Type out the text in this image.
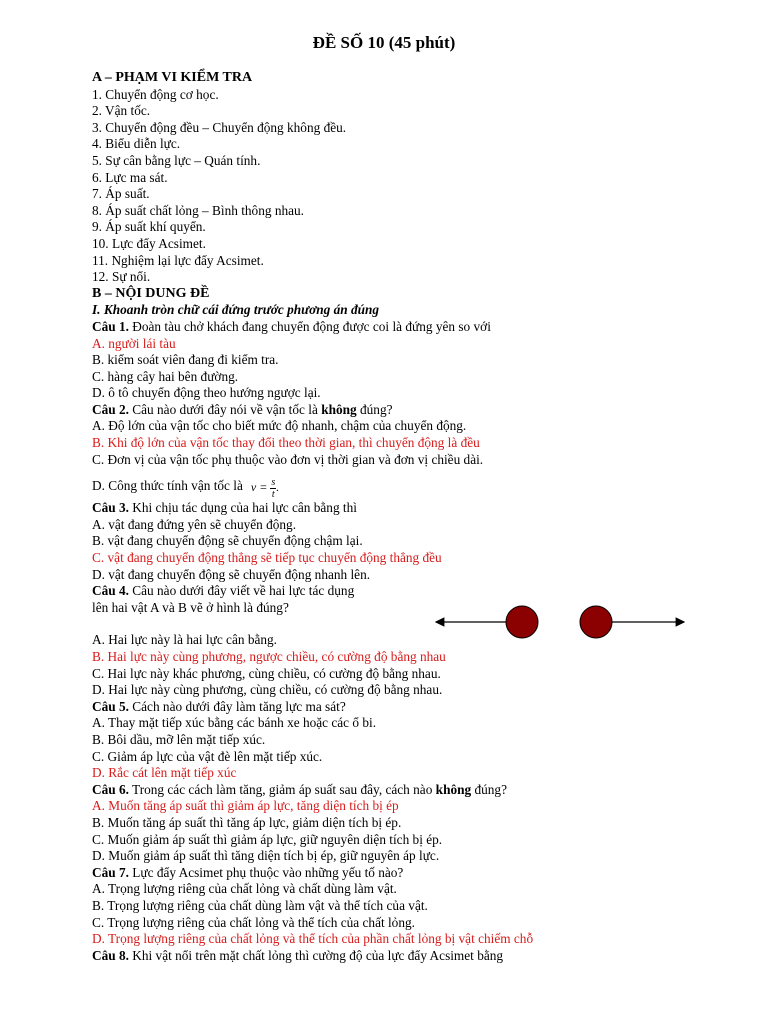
ĐỀ SỐ 10 (45 phút)
A – PHẠM VI KIỂM TRA
1. Chuyển động cơ học.
2. Vận tốc.
3. Chuyển động đều – Chuyển động không đều.
4. Biểu diễn lực.
5. Sự cân bằng lực – Quán tính.
6. Lực ma sát.
7. Áp suất.
8. Áp suất chất lỏng – Bình thông nhau.
9. Áp suất khí quyển.
10. Lực đẩy Acsimet.
11. Nghiệm lại lực đẩy Acsimet.
12. Sự nổi.
B – NỘI DUNG ĐỀ
I. Khoanh tròn chữ cái đứng trước phương án đúng
Câu 1. Đoàn tàu chở khách đang chuyển động được coi là đứng yên so với
A. người lái tàu
B. kiểm soát viên đang đi kiểm tra.
C. hàng cây hai bên đường.
D. ô tô chuyển động theo hướng ngược lại.
Câu 2. Câu nào dưới đây nói về vận tốc là không đúng?
A. Độ lớn của vận tốc cho biết mức độ nhanh, chậm của chuyển động.
B. Khi độ lớn của vận tốc thay đổi theo thời gian, thì chuyển động là đều
C. Đơn vị của vận tốc phụ thuộc vào đơn vị thời gian và đơn vị chiều dài.
D. Công thức tính vận tốc là $v = \frac{s}{t}$ .
Câu 3. Khi chịu tác dụng của hai lực cân bằng thì
A. vật đang đứng yên sẽ chuyển động.
B. vật đang chuyển động sẽ chuyển động chậm lại.
C. vật đang chuyển động thẳng sẽ tiếp tục chuyển động thẳng đều
D. vật đang chuyển động sẽ chuyển động nhanh lên.
Câu 4. Câu nào dưới đây viết về hai lực tác dụng
lên hai vật A và B vẽ ở hình là đúng?
A. Hai lực này là hai lực cân bằng.
B. Hai lực này cùng phương, ngược chiều, có cường độ bằng nhau
C. Hai lực này khác phương, cùng chiều, có cường độ bằng nhau.
D. Hai lực này cùng phương, cùng chiều, có cường độ bằng nhau.
Câu 5. Cách nào dưới đây làm tăng lực ma sát?
A. Thay mặt tiếp xúc bằng các bánh xe hoặc các ổ bi.
B. Bôi dầu, mỡ lên mặt tiếp xúc.
C. Giảm áp lực của vật đè lên mặt tiếp xúc.
D. Rắc cát lên mặt tiếp xúc
Câu 6. Trong các cách làm tăng, giảm áp suất sau đây, cách nào không đúng?
A. Muốn tăng áp suất thì giảm áp lực, tăng diện tích bị ép
B. Muốn tăng áp suất thì tăng áp lực, giảm diện tích bị ép.
C. Muốn giảm áp suất thì giảm áp lực, giữ nguyên diện tích bị ép.
D. Muốn giảm áp suất thì tăng diện tích bị ép, giữ nguyên áp lực.
Câu 7. Lực đẩy Acsimet phụ thuộc vào những yếu tố nào?
A. Trọng lượng riêng của chất lỏng và chất dùng làm vật.
B. Trọng lượng riêng của chất dùng làm vật và thể tích của vật.
C. Trọng lượng riêng của chất lỏng và thể tích của chất lỏng.
D. Trọng lượng riêng của chất lỏng và thể tích của phần chất lỏng bị vật chiếm chỗ
Câu 8. Khi vật nổi trên mặt chất lỏng thì cường độ của lực đẩy Acsimet bằng
